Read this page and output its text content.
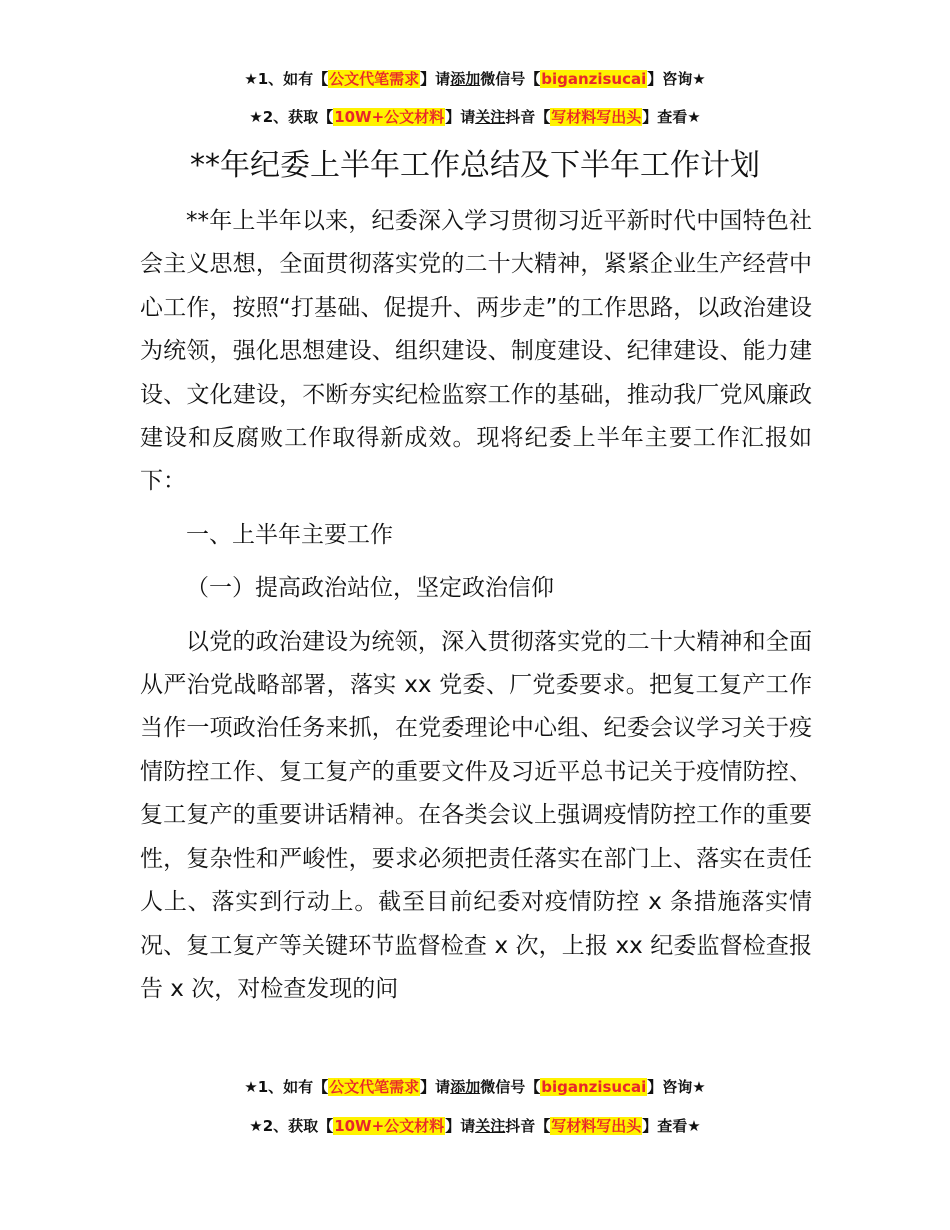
★1、如有【公文代笔需求】请添加微信号【biganzisucai】咨询★
★2、获取【10W+公文材料】请关注抖音【写材料写出头】查看★
**年纪委上半年工作总结及下半年工作计划

**年上半年以来，纪委深入学习贯彻习近平新时代中国特色社会主义思想，全面贯彻落实党的二十大精神，紧紧企业生产经营中心工作，按照“打基础、促提升、两步走”的工作思路，以政治建设为统领，强化思想建设、组织建设、制度建设、纪律建设、能力建设、文化建设，不断夯实纪检监察工作的基础，推动我厂党风廉政建设和反腐败工作取得新成效。现将纪委上半年主要工作汇报如下：

一、上半年主要工作

（一）提高政治站位，坚定政治信仰

以党的政治建设为统领，深入贯彻落实党的二十大精神和全面从严治党战略部署，落实 xx 党委、厂党委要求。把复工复产工作当作一项政治任务来抓，在党委理论中心组、纪委会议学习关于疫情防控工作、复工复产的重要文件及习近平总书记关于疫情防控、复工复产的重要讲话精神。在各类会议上强调疫情防控工作的重要性，复杂性和严峻性，要求必须把责任落实在部门上、落实在责任人上、落实到行动上。截至目前纪委对疫情防控 x 条措施落实情况、复工复产等关键环节监督检查 x 次，上报 xx 纪委监督检查报告 x 次，对检查发现的问

★1、如有【公文代笔需求】请添加微信号【biganzisucai】咨询★
★2、获取【10W+公文材料】请关注抖音【写材料写出头】查看★
